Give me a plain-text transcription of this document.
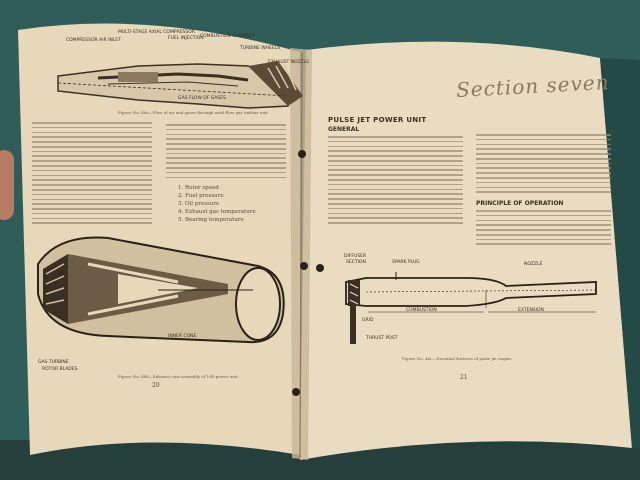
COMPRESSOR AIR INLET
MULTI-STAGE AXIAL COMPRESSOR
FUEL INJECTION
COMBUSTION CHAMBER
TURBINE WHEELS
EXHAUST NOZZLE
GAS FLOW OF GASES
Figure No. 46a—Flow of air and gases through axial-flow gas turbine unit
1. Rotor speed
2. Fuel pressure
3. Oil pressure
4. Exhaust gas temperature
5. Bearing temperature
INNER CONE
GAS TURBINE
ROTOR BLADES
Figure No. 46b—Exhaust cone assembly of I-40 power unit
20
Section seven
PULSE JET POWER UNIT
GENERAL
PRINCIPLE OF OPERATION
DIFFUSER
SECTION	SPARK PLUG	NOZZLE
COMBUSTION	EXTENSION
GRID
THRUST POST
Figure No. 46c—Essential features of pulse jet engine
21
